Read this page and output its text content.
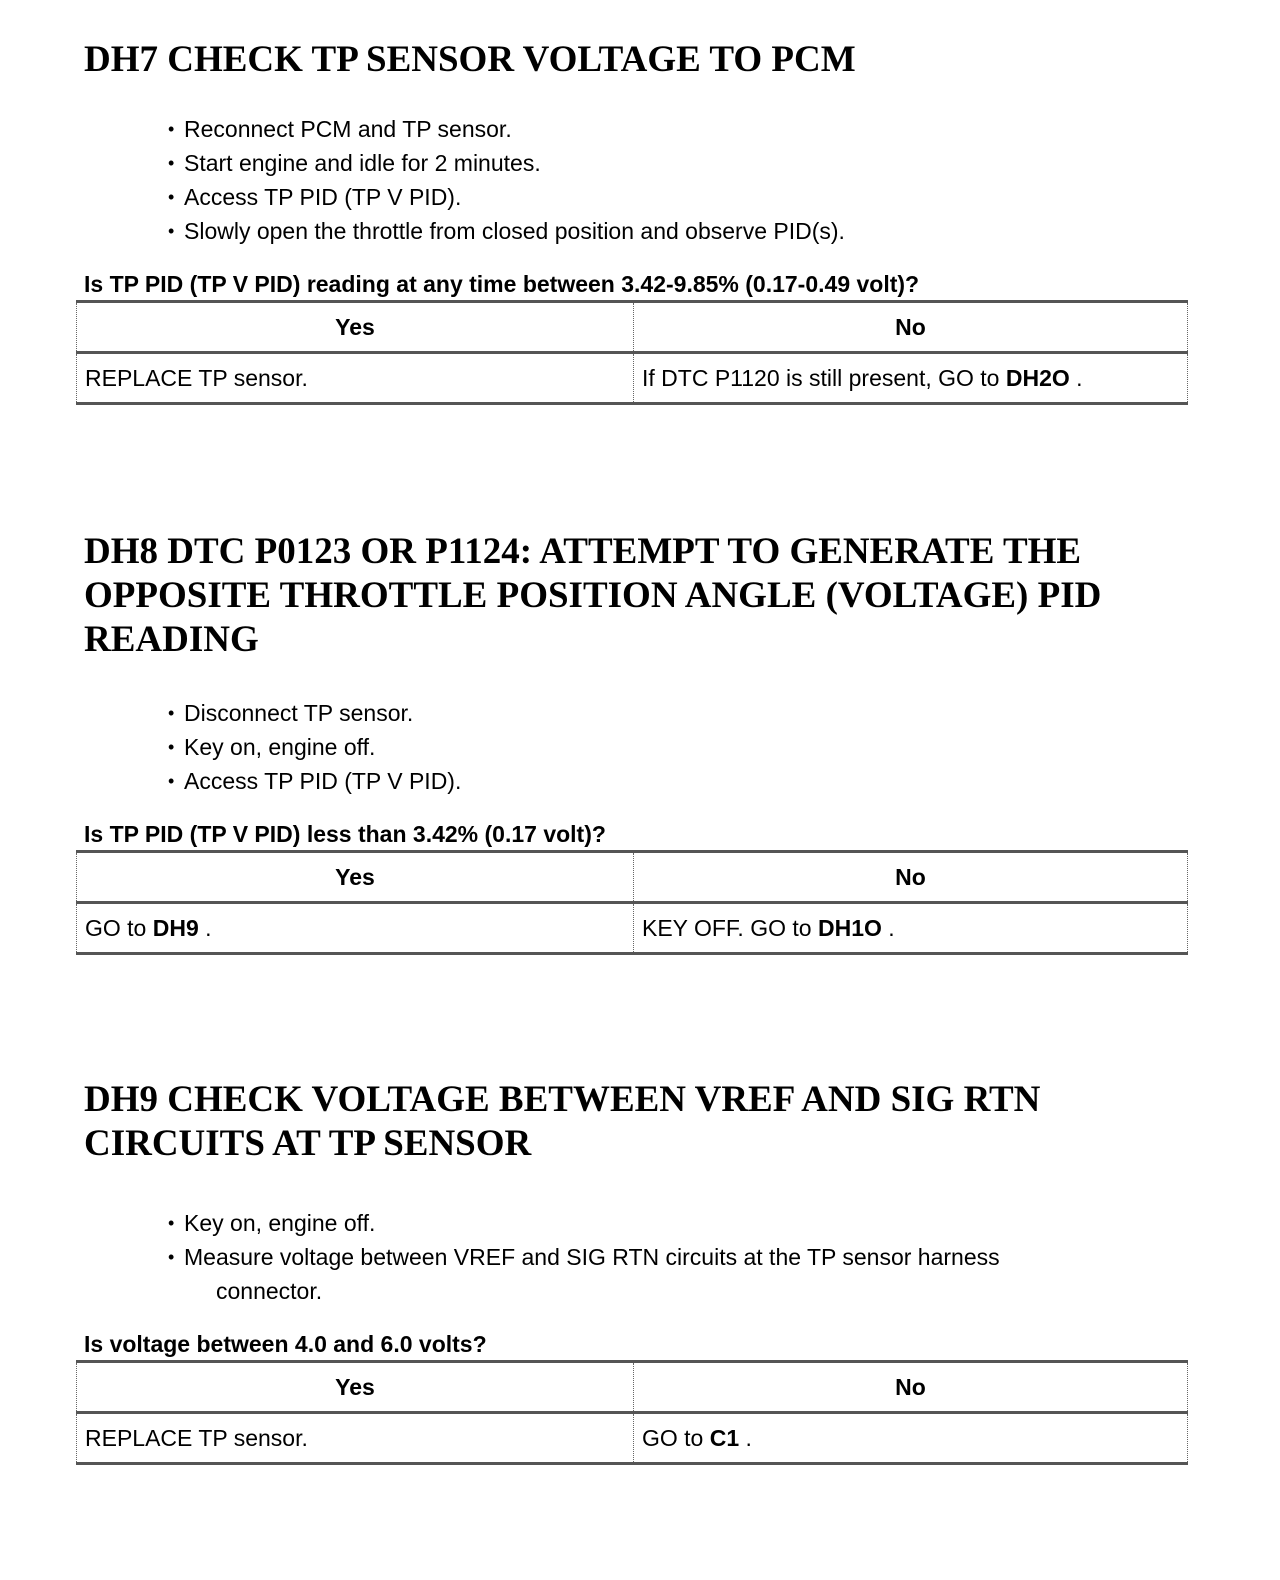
DH7 CHECK TP SENSOR VOLTAGE TO PCM
• Reconnect PCM and TP sensor.
• Start engine and idle for 2 minutes.
• Access TP PID (TP V PID).
• Slowly open the throttle from closed position and observe PID(s).

Is TP PID (TP V PID) reading at any time between 3.42-9.85% (0.17-0.49 volt)?

Yes	No
REPLACE TP sensor.	If DTC P1120 is still present, GO to DH2O .
DH8 DTC P0123 OR P1124: ATTEMPT TO GENERATE THE
OPPOSITE THROTTLE POSITION ANGLE (VOLTAGE) PID
READING
• Disconnect TP sensor.
• Key on, engine off.
• Access TP PID (TP V PID).

Is TP PID (TP V PID) less than 3.42% (0.17 volt)?

Yes	No
GO to DH9 .	KEY OFF. GO to DH1O .
DH9 CHECK VOLTAGE BETWEEN VREF AND SIG RTN
CIRCUITS AT TP SENSOR
• Key on, engine off.
• Measure voltage between VREF and SIG RTN circuits at the TP sensor harness
connector.

Is voltage between 4.0 and 6.0 volts?

Yes	No
REPLACE TP sensor.	GO to C1 .
